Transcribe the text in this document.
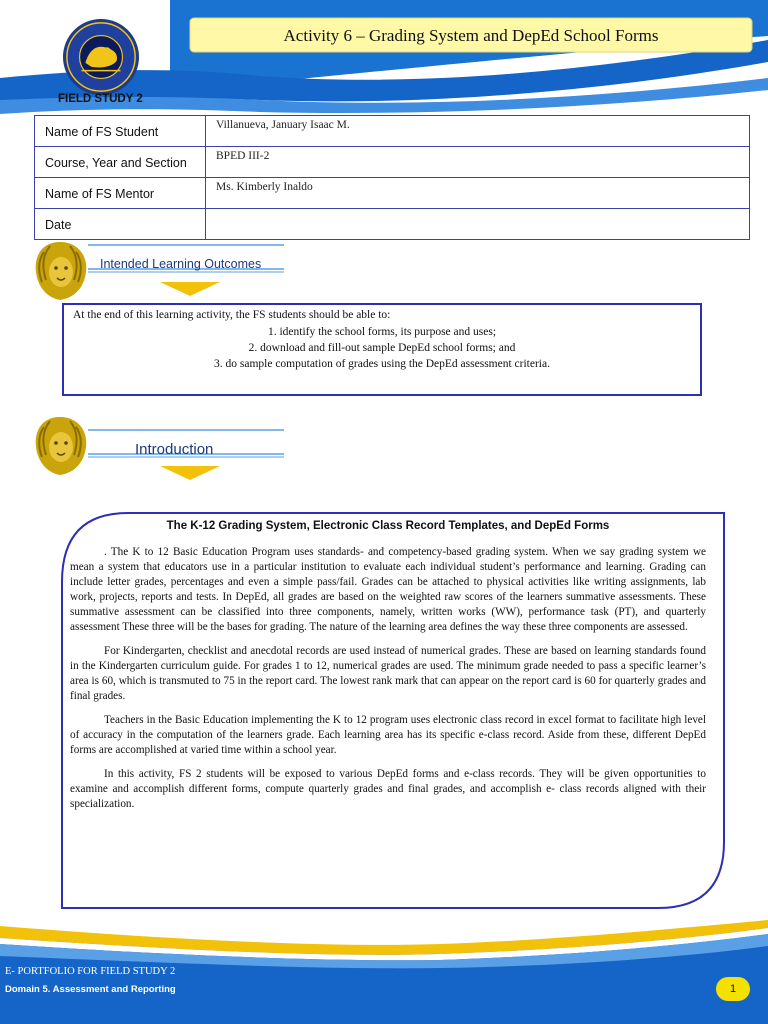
Activity 6 – Grading System and DepEd School Forms
FIELD STUDY 2
Name of FS Student	Villanueva, January Isaac M.
Course, Year and Section	BPED III-2
Name of FS Mentor	Ms. Kimberly Inaldo
Date	
Intended Learning Outcomes
At the end of this learning activity, the FS students should be able to:
1. identify the school forms, its purpose and uses;
2. download and fill-out sample DepEd school forms; and
3. do sample computation of grades using the DepEd assessment criteria.
Introduction
The K-12 Grading System, Electronic Class Record Templates, and DepEd Forms

. The K to 12 Basic Education Program uses standards- and competency-based grading system. When we say grading system we mean a system that educators use in a particular institution to evaluate each individual student’s performance and learning. Grading can include letter grades, percentages and even a simple pass/fail. Grades can be attached to physical activities like writing assignments, lab work, projects, reports and tests. In DepEd, all grades are based on the weighted raw scores of the learners summative assessments. These summative assessment can be classified into three components, namely, written works (WW), performance task (PT), and quarterly assessment These three will be the bases for grading. The nature of the learning area defines the way these three components are assessed.

For Kindergarten, checklist and anecdotal records are used instead of numerical grades. These are based on learning standards found in the Kindergarten curriculum guide. For grades 1 to 12, numerical grades are used. The minimum grade needed to pass a specific learner’s area is 60, which is transmuted to 75 in the report card. The lowest rank mark that can appear on the report card is 60 for quarterly grades and final grades.

Teachers in the Basic Education implementing the K to 12 program uses electronic class record in excel format to facilitate high level of accuracy in the computation of the learners grade. Each learning area has its specific e-class record. Aside from these, different DepEd forms are accomplished at varied time within a school year.

In this activity, FS 2 students will be exposed to various DepEd forms and e-class records. They will be given opportunities to examine and accomplish different forms, compute quarterly grades and final grades, and accomplish e- class records aligned with their specialization.

E- PORTFOLIO FOR FIELD STUDY 2
Domain 5. Assessment and Reporting	1
